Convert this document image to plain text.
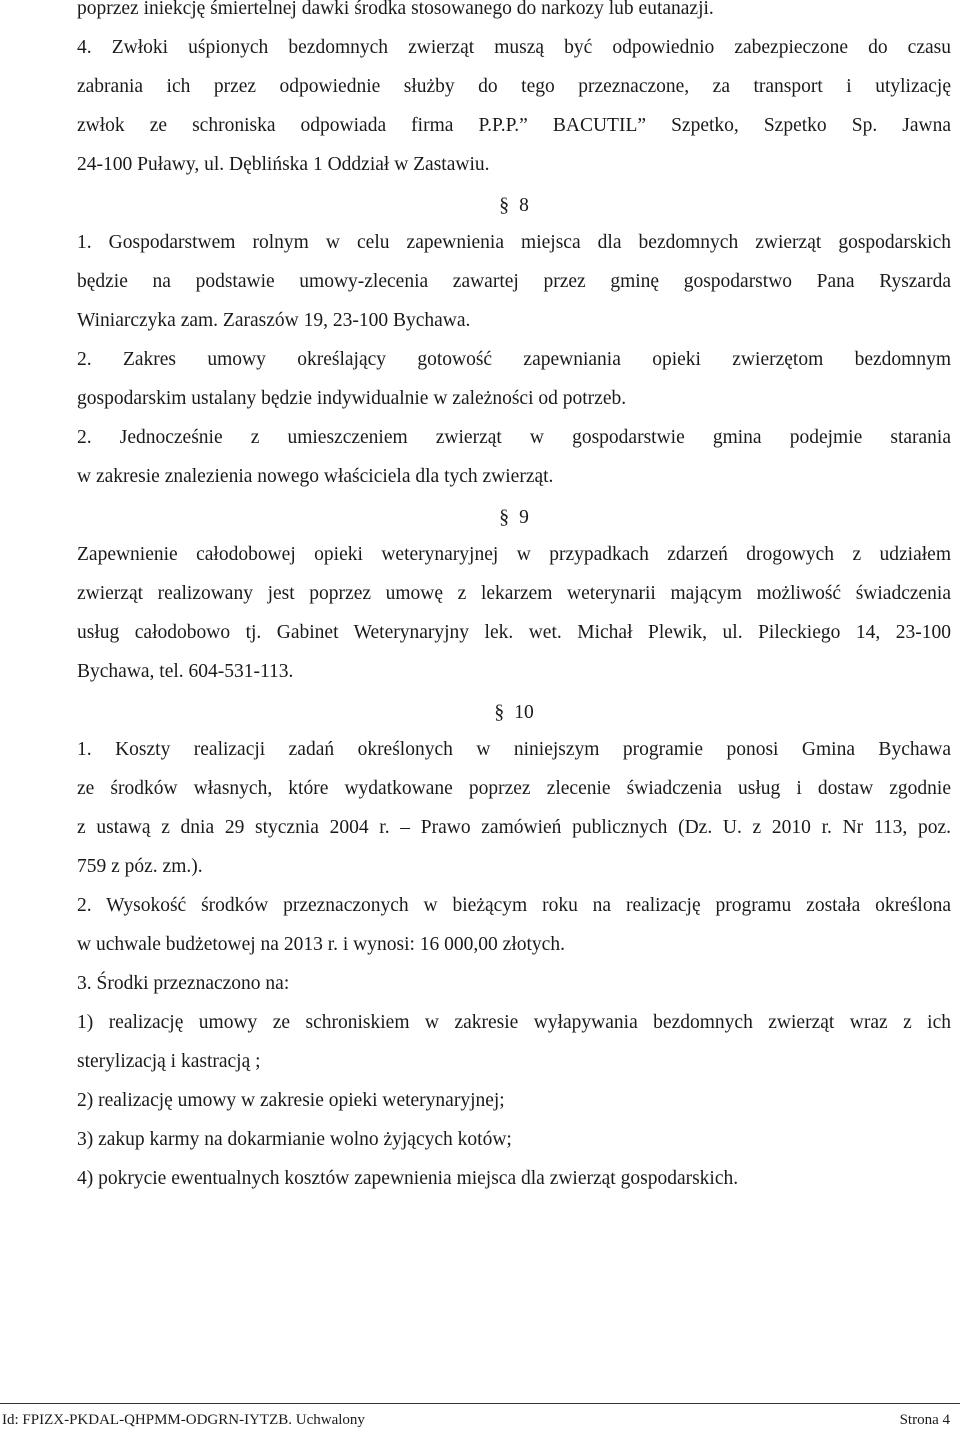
poprzez iniekcję śmiertelnej dawki środka stosowanego do narkozy lub eutanazji.
4. Zwłoki uśpionych bezdomnych zwierząt muszą być odpowiednio zabezpieczone do czasu
zabrania ich przez odpowiednie służby do tego przeznaczone, za transport i utylizację
zwłok ze schroniska odpowiada firma P.P.P.” BACUTIL” Szpetko, Szpetko Sp. Jawna
24-100 Puławy, ul. Dęblińska 1 Oddział w Zastawiu.
§ 8
1. Gospodarstwem rolnym w celu zapewnienia miejsca dla bezdomnych zwierząt gospodarskich
będzie na podstawie umowy-zlecenia zawartej przez gminę gospodarstwo Pana Ryszarda
Winiarczyka zam. Zaraszów 19, 23-100 Bychawa.
2. Zakres umowy określający gotowość zapewniania opieki zwierzętom bezdomnym
gospodarskim ustalany będzie indywidualnie w zależności od potrzeb.
2. Jednocześnie z umieszczeniem zwierząt w gospodarstwie gmina podejmie starania
w zakresie znalezienia nowego właściciela dla tych zwierząt.
§ 9
Zapewnienie całodobowej opieki weterynaryjnej w przypadkach zdarzeń drogowych z udziałem
zwierząt realizowany jest poprzez umowę z lekarzem weterynarii mającym możliwość świadczenia
usług całodobowo tj. Gabinet Weterynaryjny lek. wet. Michał Plewik, ul. Pileckiego 14, 23-100
Bychawa, tel. 604-531-113.
§ 10
1. Koszty realizacji zadań określonych w niniejszym programie ponosi Gmina Bychawa
ze środków własnych, które wydatkowane poprzez zlecenie świadczenia usług i dostaw zgodnie
z ustawą z dnia 29 stycznia 2004 r. – Prawo zamówień publicznych (Dz. U. z 2010 r. Nr 113, poz.
759 z póz. zm.).
2. Wysokość środków przeznaczonych w bieżącym roku na realizację programu została określona
w uchwale budżetowej na 2013 r. i wynosi: 16 000,00 złotych.
3. Środki przeznaczono na:
1) realizację umowy ze schroniskiem w zakresie wyłapywania bezdomnych zwierząt wraz z ich
sterylizacją i kastracją ;
2) realizację umowy w zakresie opieki weterynaryjnej;
3) zakup karmy na dokarmianie wolno żyjących kotów;
4) pokrycie ewentualnych kosztów zapewnienia miejsca dla zwierząt gospodarskich.
Id: FPIZX-PKDAL-QHPMM-ODGRN-IYTZB. Uchwalony	Strona 4
